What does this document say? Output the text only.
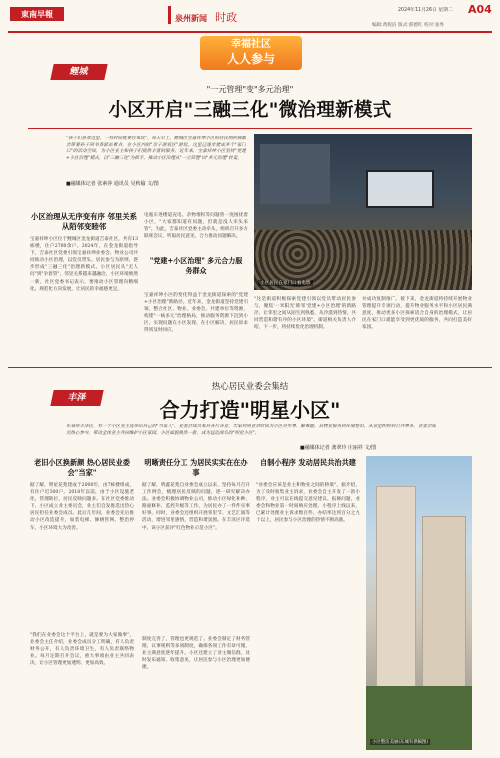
東南早報	泉州新闻 时政
2024年11月26日 星期二 A04
编辑:黄妮洁 版式:蔡德红 校对:张秀
幸福社区
人人参与
鲤城
"一元管理"变"多元治理"
小区开启"三融三化"微治理新模式
"孩子们喜欢这里，一有时间就要往来玩"，每天早上，鲤城区宝嘉祥坤小区的居民胡阿姨都会带着孙子到书香驿站看书，在小区内的"亲子游戏区"游玩。这里已逐步建成多个"家门口"的活动空间，为小区业主和孩子们提供丰富的服务。近年来，宝嘉祥坤小区坚持"党建+小区治理"模式，以"三融三化"为抓手，推动小区治理从"一元管理"向"多元治理"转变。
■融媒体记者 张素萍 通讯员 吴秋榆 文/图
小区居民在家门口看电影
小区治理从无序变有序 邻里关系从陌邻变睦邻
宝嘉祥坤小区位于鲤城区金龙街道吉泰社区，共有13栋楼，住户2700余户。2024年，在金龙街道指导下，吉泰社区党委引领宝嘉祥坤业委会、物业公司共同推动小区治理，以党员带头、居民参与为原则，逐步形成"三融三化"治理新模式。小区居民从"无人问"到"争着管"，邻里关系越来越融洽，小区环境焕然一新。社区党委书记表示，要推动小区管理向精细化、规范化方向发展，让居民的幸福感更足。
电瓶车进楼道充电、杂物堆积等问题曾一度困扰着小区，"大家都知道有问题，但就是没人牵头来管"。为此，吉泰社区党委主动牵头，组织召开多方联席会议，听取居民意见，合力推动问题解决。
"党建+小区治理" 多元合力服务群众
宝嘉祥坤小区的变化得益于金龙街道探索的"党建+小区治理"新路径。近年来，金龙街道坚持党建引领，整合社区、物业、业委会、共建单位等资源，构建"一核多元"治理格局，推动服务资源下沉到小区，实现问题在小区发现、在小区解决，居民诉求得到及时回应。
"这是街道积极探索党建引领以党员带动居民参与，聚焦'一米阳光'睦邻'党建+小区治理'的新路径，让邻里之间从陌生到熟悉，从冷漠到热情，共同营造和谐有序的小区环境"。街道相关负责人介绍，下一步，将持续优化治理机制。
并成功复制推广。接下来，金龙街道将持续开展物业管理提升专项行动，提升物业服务水平和小区居民满意度，推动更多小区探索适合自身的治理模式，让居民在家门口就能享受到更优质的服务，共同打造美好家园。
丰泽
热心居民业委会集结
合力打造"明星小区"
东泉州丰泽区，有一个小区业主选举出自己的"当家人"，业委会成员来自各行各业，大家利用业余时间为小区办实事、解难题。从物业服务到环境整治，从邻里纠纷到公共事务，业委会成员热心参与，带动全体业主共同维护小区家园，小区面貌焕然一新，成为远近闻名的"明星小区"。
■融媒体记者 龚翠玲 庄丽祥 文/图
老旧小区换新颜 热心居民业委会"当家"
据了解，明星花苑建成于2000年，由7栋楼组成，有住户近300户。2018年以前，由于小区设施老化、管理缺位，居民反映问题多。在社区党委推动下，小区成立业主委员会，业主们自发推选出热心居民担任业委会成员。此后几年间，业委会先后推动小区改造提升，加装电梯、修缮管网、整治停车，小区环境大为改善。
"我们在业委会这个平台上，就是要为大家做事"，业委会主任介绍，业委会成员分工明确，有人负责财务公开，有人负责环境卫生，有人负责联络物业。每月定期召开会议，重大事项由业主共同表决，让小区管理更加透明、更加高效。
明晰责任分工 为居民实实在在办事
据了解，明鑫花苑自业委会成立以来，坚持每月召开工作例会，梳理居民反映的问题，逐一研究解决办法。业委会积极协调物业公司，推动小区绿化补种、路面修补、监控升级等工作，为居民办了一件件实事好事。同时，业委会还组织开展邻里节、文艺汇演等活动，增进邻里感情，营造和谐氛围。在丰泽区评选中，该小区获评"红色物业示范小区"。
制度完善了，管理也更规范了。业委会制定了财务管理、议事规则等多项制度，确保各项工作有章可循，业主满意度逐年提升。小区还建立了业主微信群，及时发布通知、收集意见，让居民参与小区治理更加便捷。
自制小程序 发动居民共治共建
"业委会应该是业主和物业之间的桥梁"，据介绍，为了及时收集业主诉求，业委会自主开发了一款小程序，业主可以在线提交意见建议、报修问题，业委会和物业第一时间响应处理。小程序上线以来，已累计处理业主诉求数百件，办结率达到百分之九十以上，居民参与小区治理的热情不断高涨。
小区整洁美丽(东城有供稿图)
